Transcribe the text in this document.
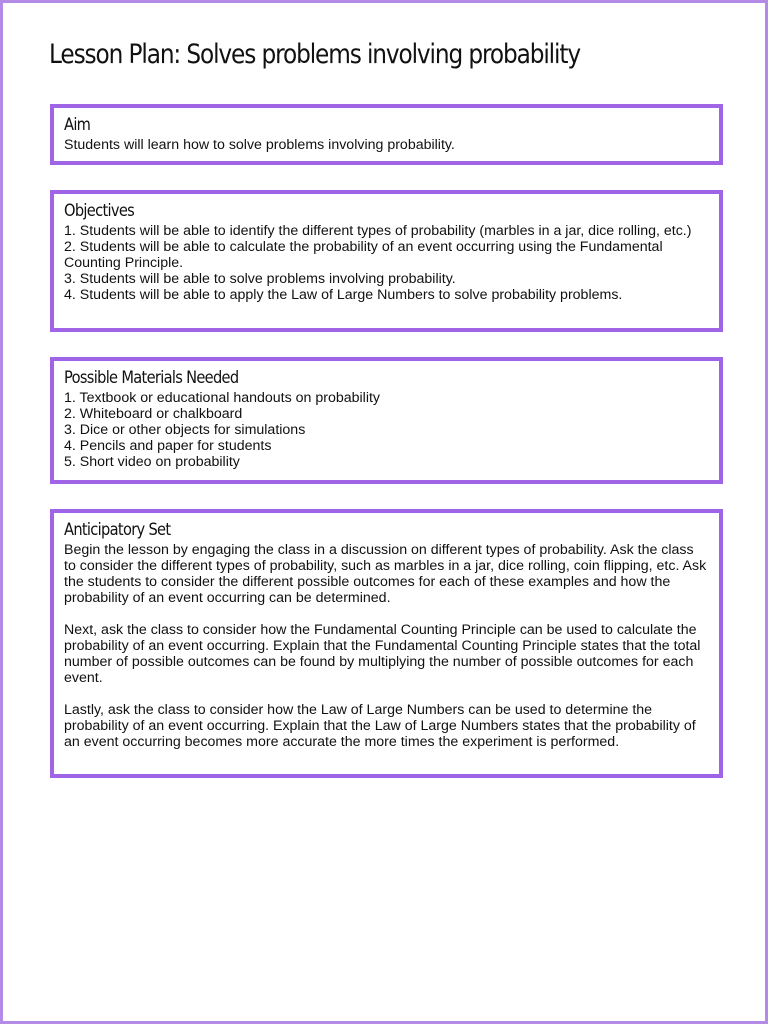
Lesson Plan: Solves problems involving probability
Aim
Students will learn how to solve problems involving probability.
Objectives
1. Students will be able to identify the different types of probability (marbles in a jar, dice rolling, etc.)
2. Students will be able to calculate the probability of an event occurring using the Fundamental Counting Principle.
3. Students will be able to solve problems involving probability.
4. Students will be able to apply the Law of Large Numbers to solve probability problems.
Possible Materials Needed
1. Textbook or educational handouts on probability
2. Whiteboard or chalkboard
3. Dice or other objects for simulations
4. Pencils and paper for students
5. Short video on probability
Anticipatory Set

Begin the lesson by engaging the class in a discussion on different types of probability. Ask the class to consider the different types of probability, such as marbles in a jar, dice rolling, coin flipping, etc. Ask the students to consider the different possible outcomes for each of these examples and how the probability of an event occurring can be determined.

Next, ask the class to consider how the Fundamental Counting Principle can be used to calculate the probability of an event occurring. Explain that the Fundamental Counting Principle states that the total number of possible outcomes can be found by multiplying the number of possible outcomes for each event.

Lastly, ask the class to consider how the Law of Large Numbers can be used to determine the probability of an event occurring. Explain that the Law of Large Numbers states that the probability of an event occurring becomes more accurate the more times the experiment is performed.
